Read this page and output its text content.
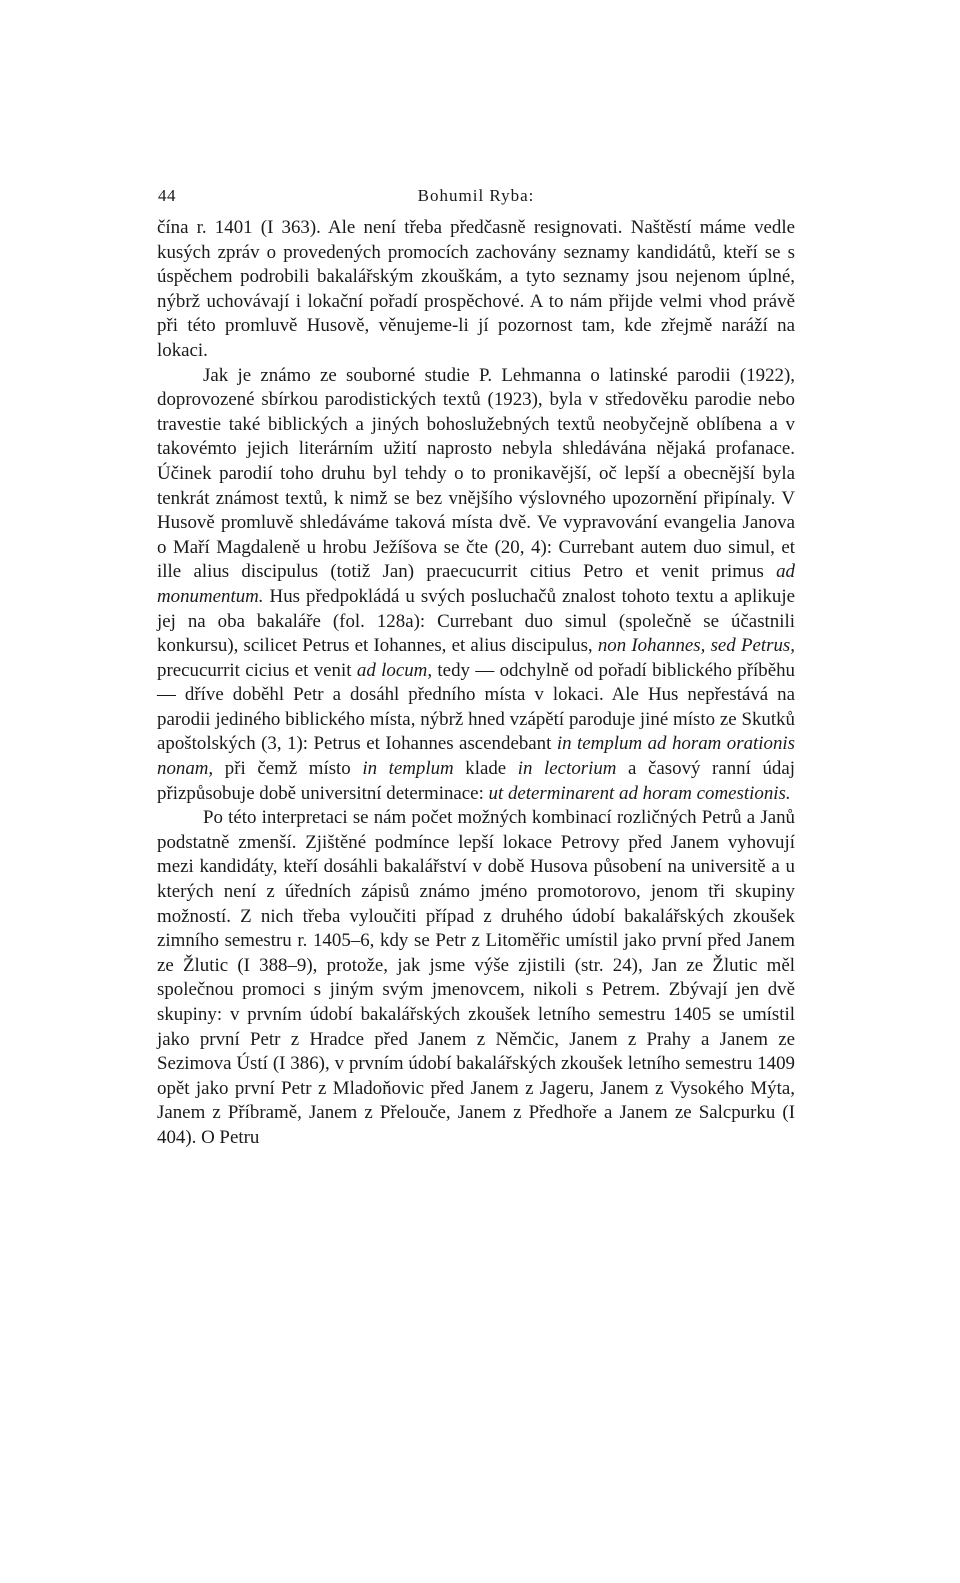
44	Bohumil Ryba:

čína r. 1401 (I 363). Ale není třeba předčasně resignovati. Naštěstí máme vedle kusých zpráv o provedených promocích zachovány seznamy kandidátů, kteří se s úspěchem podrobili bakalářským zkouškám, a tyto seznamy jsou nejenom úplné, nýbrž uchovávají i lokační pořadí prospěchové. A to nám přijde velmi vhod právě při této promluvě Husově, věnujeme-li jí pozornost tam, kde zřejmě naráží na lokaci.

Jak je známo ze souborné studie P. Lehmanna o latinské parodii (1922), doprovozené sbírkou parodistických textů (1923), byla v středověku parodie nebo travestie také biblických a jiných bohoslužebných textů neobyčejně oblíbena a v takovémto jejich literárním užití naprosto nebyla shledávána nějaká profanace. Účinek parodií toho druhu byl tehdy o to pronikavější, oč lepší a obecnější byla tenkrát známost textů, k nimž se bez vnějšího výslovného upozornění připínaly. V Husově promluvě shledáváme taková místa dvě. Ve vypravování evangelia Janova o Maří Magdaleně u hrobu Ježíšova se čte (20, 4): Currebant autem duo simul, et ille alius discipulus (totiž Jan) praecucurrit citius Petro et venit primus ad monumentum. Hus předpokládá u svých posluchačů znalost tohoto textu a aplikuje jej na oba bakaláře (fol. 128a): Currebant duo simul (společně se účastnili konkursu), scilicet Petrus et Iohannes, et alius discipulus, non Iohannes, sed Petrus, precucurrit cicius et venit ad locum, tedy — odchylně od pořadí biblického příběhu — dříve doběhl Petr a dosáhl předního místa v lokaci. Ale Hus nepřestává na parodii jediného biblického místa, nýbrž hned vzápětí paroduje jiné místo ze Skutků apoštolských (3, 1): Petrus et Iohannes ascendebant in templum ad horam orationis nonam, při čemž místo in templum klade in lectorium a časový ranní údaj přizpůsobuje době universitní determinace: ut determinarent ad horam comestionis.

Po této interpretaci se nám počet možných kombinací rozličných Petrů a Janů podstatně zmenší. Zjištěné podmínce lepší lokace Petrovy před Janem vyhovují mezi kandidáty, kteří dosáhli bakalářství v době Husova působení na universitě a u kterých není z úředních zápisů známo jméno promotorovo, jenom tři skupiny možností. Z nich třeba vyloučiti případ z druhého údobí bakalářských zkoušek zimního semestru r. 1405–6, kdy se Petr z Litoměřic umístil jako první před Janem ze Žlutic (I 388–9), protože, jak jsme výše zjistili (str. 24), Jan ze Žlutic měl společnou promoci s jiným svým jmenovcem, nikoli s Petrem. Zbývají jen dvě skupiny: v prvním údobí bakalářských zkoušek letního semestru 1405 se umístil jako první Petr z Hradce před Janem z Němčic, Janem z Prahy a Janem ze Sezimova Ústí (I 386), v prvním údobí bakalářských zkoušek letního semestru 1409 opět jako první Petr z Mladoňovic před Janem z Jageru, Janem z Vysokého Mýta, Janem z Příbramě, Janem z Přelouče, Janem z Předhoře a Janem ze Salcpurku (I 404). O Petru
